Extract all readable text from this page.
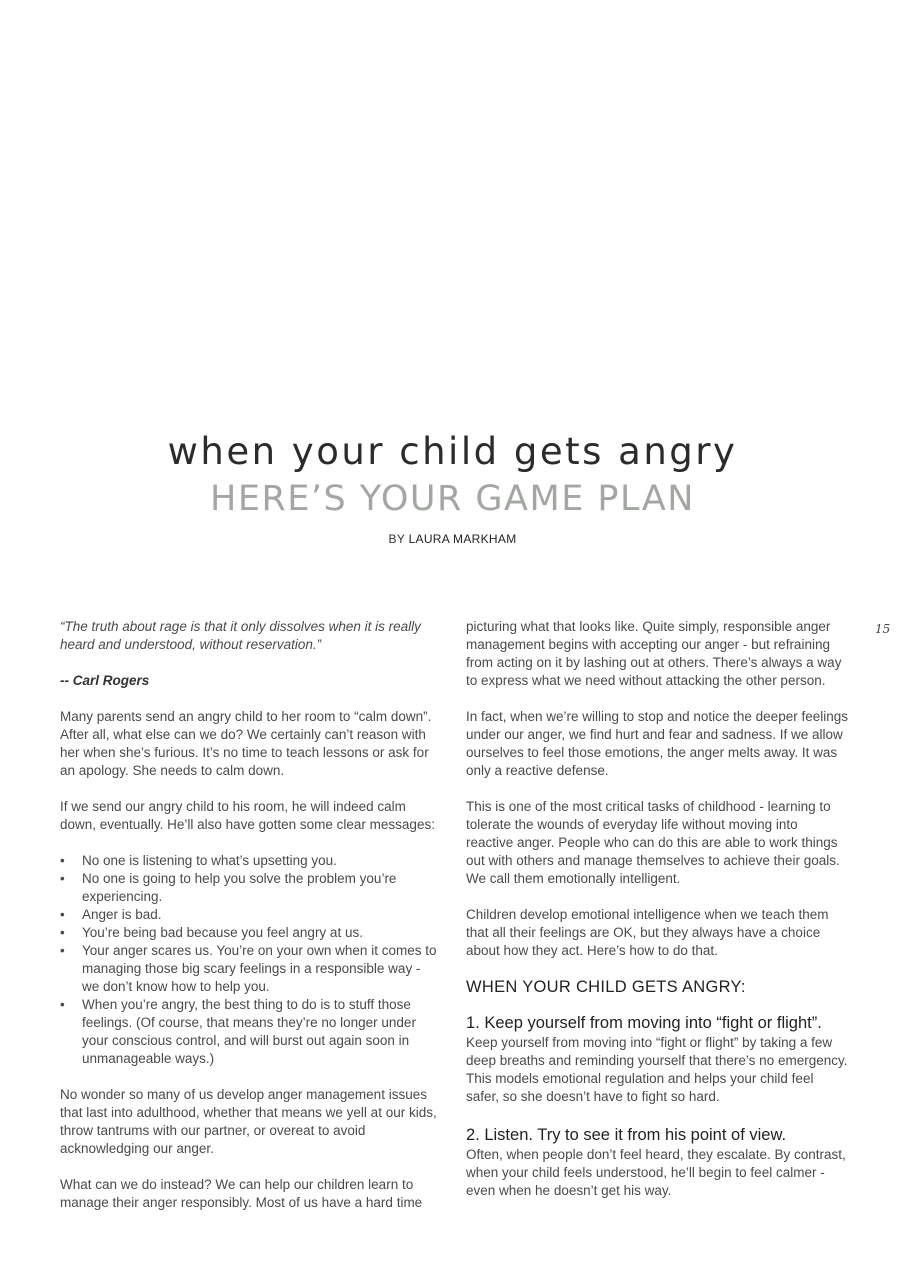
when your child gets angry
HERE’S YOUR GAME PLAN
BY LAURA MARKHAM
15

“The truth about rage is that it only dissolves when it is really
heard and understood, without reservation.”

-- Carl Rogers

Many parents send an angry child to her room to “calm down”. After all, what else can we do? We certainly can’t reason with her when she’s furious. It’s no time to teach lessons or ask for an apology. She needs to calm down.

If we send our angry child to his room, he will indeed calm down, eventually. He’ll also have gotten some clear messages:

• No one is listening to what’s upsetting you.
• No one is going to help you solve the problem you’re experiencing.
• Anger is bad.
• You’re being bad because you feel angry at us.
• Your anger scares us. You’re on your own when it comes to managing those big scary feelings in a responsible way - we don’t know how to help you.
• When you’re angry, the best thing to do is to stuff those feelings. (Of course, that means they’re no longer under your conscious control, and will burst out again soon in unmanageable ways.)

No wonder so many of us develop anger management issues that last into adulthood, whether that means we yell at our kids, throw tantrums with our partner, or overeat to avoid acknowledging our anger.

What can we do instead? We can help our children learn to manage their anger responsibly. Most of us have a hard time

picturing what that looks like. Quite simply, responsible anger management begins with accepting our anger - but refraining from acting on it by lashing out at others. There’s always a way to express what we need without attacking the other person.

In fact, when we’re willing to stop and notice the deeper feelings under our anger, we find hurt and fear and sadness. If we allow ourselves to feel those emotions, the anger melts away. It was only a reactive defense.

This is one of the most critical tasks of childhood - learning to tolerate the wounds of everyday life without moving into reactive anger. People who can do this are able to work things out with others and manage themselves to achieve their goals. We call them emotionally intelligent.

Children develop emotional intelligence when we teach them that all their feelings are OK, but they always have a choice about how they act. Here’s how to do that.

WHEN YOUR CHILD GETS ANGRY:
1. Keep yourself from moving into “fight or flight”.

Keep yourself from moving into “fight or flight” by taking a few deep breaths and reminding yourself that there’s no emergency. This models emotional regulation and helps your child feel safer, so she doesn’t have to fight so hard.

2. Listen. Try to see it from his point of view.

Often, when people don’t feel heard, they escalate. By contrast, when your child feels understood, he’ll begin to feel calmer - even when he doesn’t get his way.
